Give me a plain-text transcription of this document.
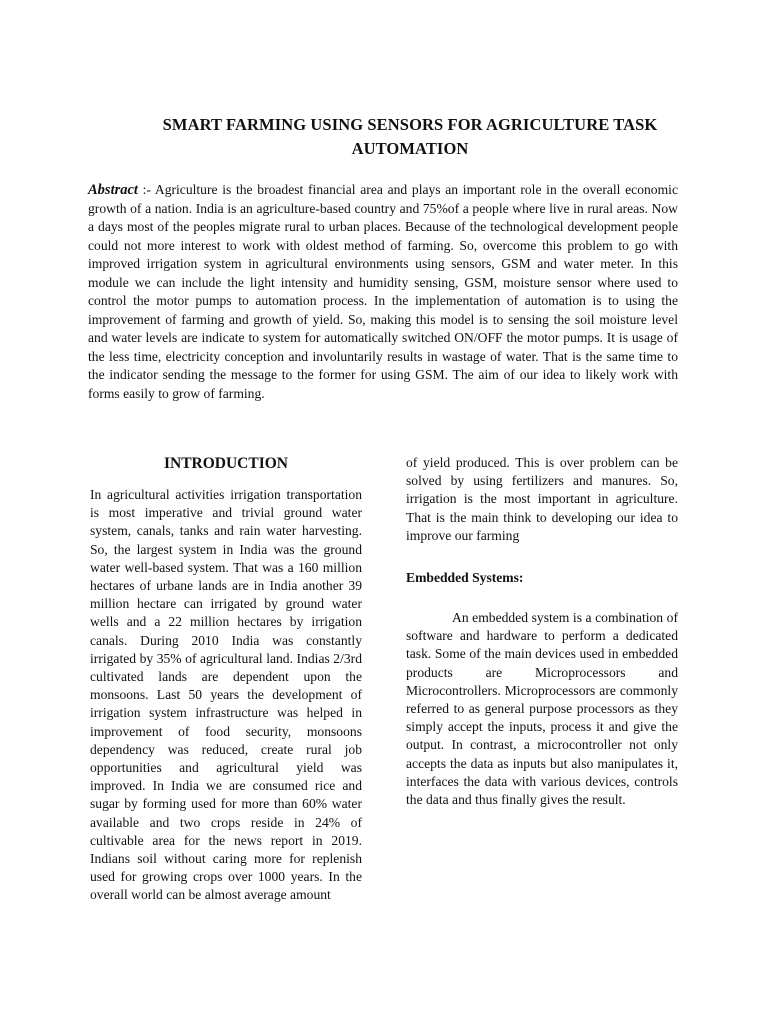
SMART FARMING USING SENSORS FOR AGRICULTURE TASK AUTOMATION
Abstract :- Agriculture is the broadest financial area and plays an important role in the overall economic growth of a nation. India is an agriculture-based country and 75%of a people where live in rural areas. Now a days most of the peoples migrate rural to urban places. Because of the technological development people could not more interest to work with oldest method of farming. So, overcome this problem to go with improved irrigation system in agricultural environments using sensors, GSM and water meter. In this module we can include the light intensity and humidity sensing, GSM, moisture sensor where used to control the motor pumps to automation process. In the implementation of automation is to using the improvement of farming and growth of yield. So, making this model is to sensing the soil moisture level and water levels are indicate to system for automatically switched ON/OFF the motor pumps. It is usage of the less time, electricity conception and involuntarily results in wastage of water. That is the same time to the indicator sending the message to the former for using GSM. The aim of our idea to likely work with forms easily to grow of farming.
INTRODUCTION

In agricultural activities irrigation transportation is most imperative and trivial ground water system, canals, tanks and rain water harvesting. So, the largest system in India was the ground water well-based system. That was a 160 million hectares of urbane lands are in India another 39 million hectare can irrigated by ground water wells and a 22 million hectares by irrigation canals. During 2010 India was constantly irrigated by 35% of agricultural land. Indias 2/3rd cultivated lands are dependent upon the monsoons. Last 50 years the development of irrigation system infrastructure was helped in improvement of food security, monsoons dependency was reduced, create rural job opportunities and agricultural yield was improved. In India we are consumed rice and sugar by forming used for more than 60% water available and two crops reside in 24% of cultivable area for the news report in 2019. Indians soil without caring more for replenish used for growing crops over 1000 years. In the overall world can be almost average amount

of yield produced. This is over problem can be solved by using fertilizers and manures. So, irrigation is the most important in agriculture. That is the main think to developing our idea to improve our farming

Embedded Systems:

An embedded system is a combination of software and hardware to perform a dedicated task. Some of the main devices used in embedded products are Microprocessors and Microcontrollers. Microprocessors are commonly referred to as general purpose processors as they simply accept the inputs, process it and give the output. In contrast, a microcontroller not only accepts the data as inputs but also manipulates it, interfaces the data with various devices, controls the data and thus finally gives the result.
